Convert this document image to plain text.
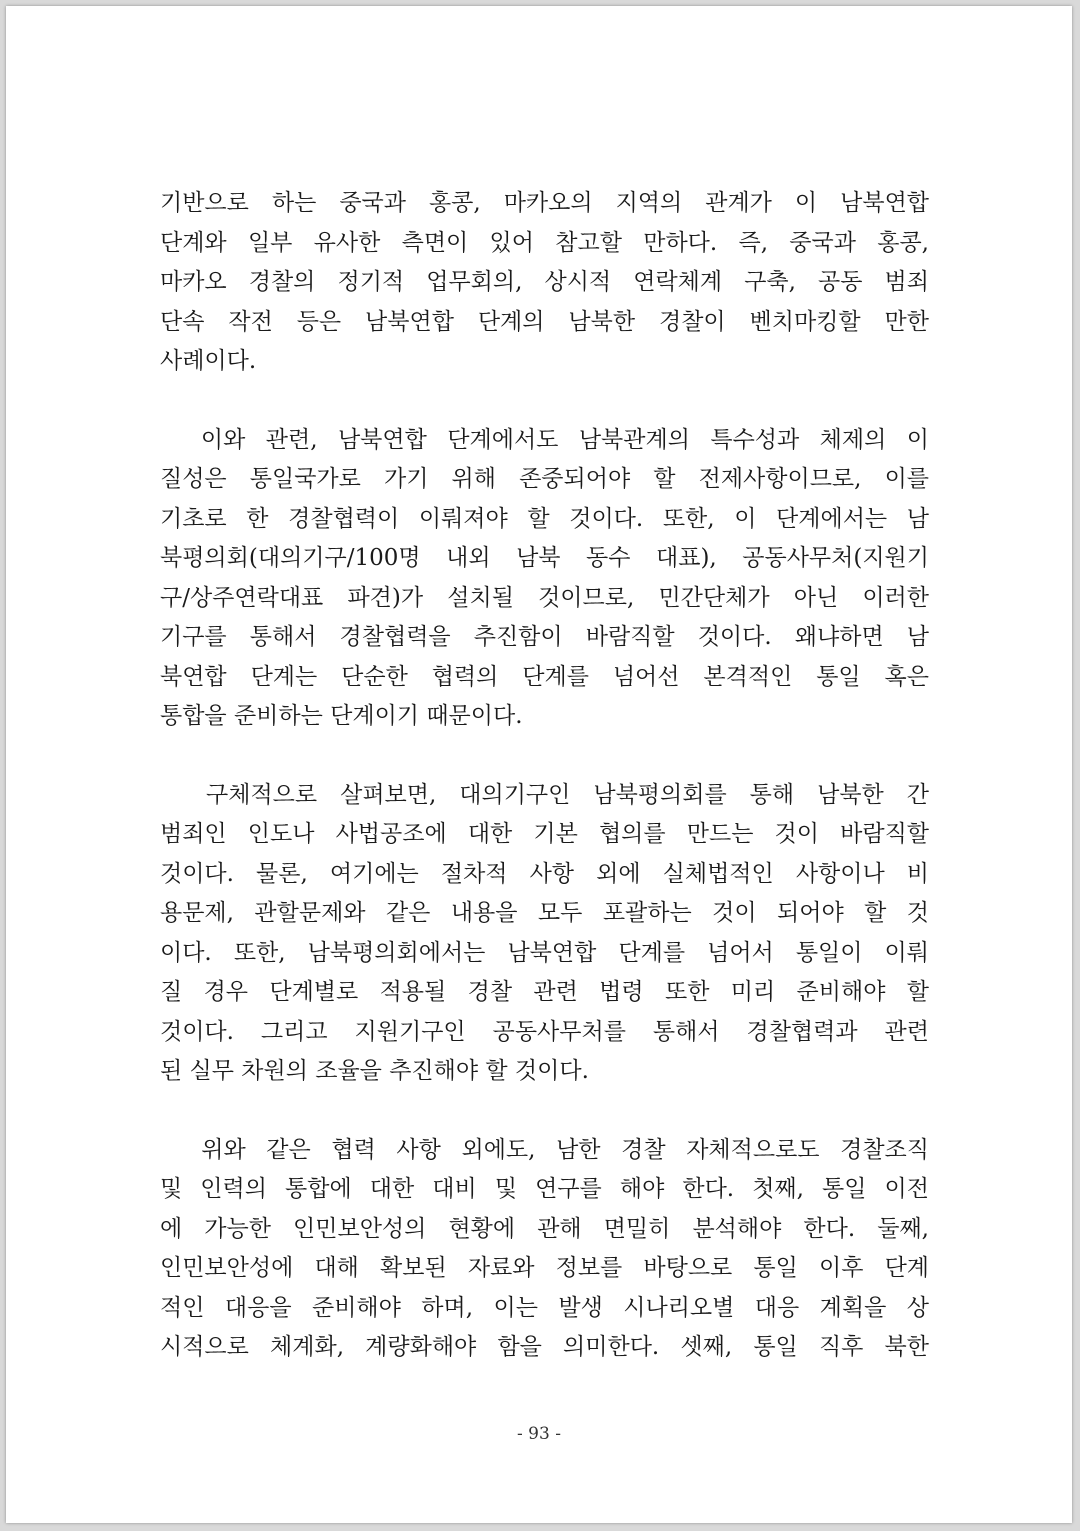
기반으로 하는 중국과 홍콩, 마카오의 지역의 관계가 이 남북연합
단계와 일부 유사한 측면이 있어 참고할 만하다. 즉, 중국과 홍콩,
마카오 경찰의 정기적 업무회의, 상시적 연락체계 구축, 공동 범죄
단속 작전 등은 남북연합 단계의 남북한 경찰이 벤치마킹할 만한
사례이다.
이와 관련, 남북연합 단계에서도 남북관계의 특수성과 체제의 이
질성은 통일국가로 가기 위해 존중되어야 할 전제사항이므로, 이를
기초로 한 경찰협력이 이뤄져야 할 것이다. 또한, 이 단계에서는 남
북평의회(대의기구/100명 내외 남북 동수 대표), 공동사무처(지원기
구/상주연락대표 파견)가 설치될 것이므로, 민간단체가 아닌 이러한
기구를 통해서 경찰협력을 추진함이 바람직할 것이다. 왜냐하면 남
북연합 단계는 단순한 협력의 단계를 넘어선 본격적인 통일 혹은
통합을 준비하는 단계이기 때문이다.
구체적으로 살펴보면, 대의기구인 남북평의회를 통해 남북한 간
범죄인 인도나 사법공조에 대한 기본 협의를 만드는 것이 바람직할
것이다. 물론, 여기에는 절차적 사항 외에 실체법적인 사항이나 비
용문제, 관할문제와 같은 내용을 모두 포괄하는 것이 되어야 할 것
이다. 또한, 남북평의회에서는 남북연합 단계를 넘어서 통일이 이뤄
질 경우 단계별로 적용될 경찰 관련 법령 또한 미리 준비해야 할
것이다. 그리고 지원기구인 공동사무처를 통해서 경찰협력과 관련
된 실무 차원의 조율을 추진해야 할 것이다.
위와 같은 협력 사항 외에도, 남한 경찰 자체적으로도 경찰조직
및 인력의 통합에 대한 대비 및 연구를 해야 한다. 첫째, 통일 이전
에 가능한 인민보안성의 현황에 관해 면밀히 분석해야 한다. 둘째,
인민보안성에 대해 확보된 자료와 정보를 바탕으로 통일 이후 단계
적인 대응을 준비해야 하며, 이는 발생 시나리오별 대응 계획을 상
시적으로 체계화, 계량화해야 함을 의미한다. 셋째, 통일 직후 북한
- 93 -
